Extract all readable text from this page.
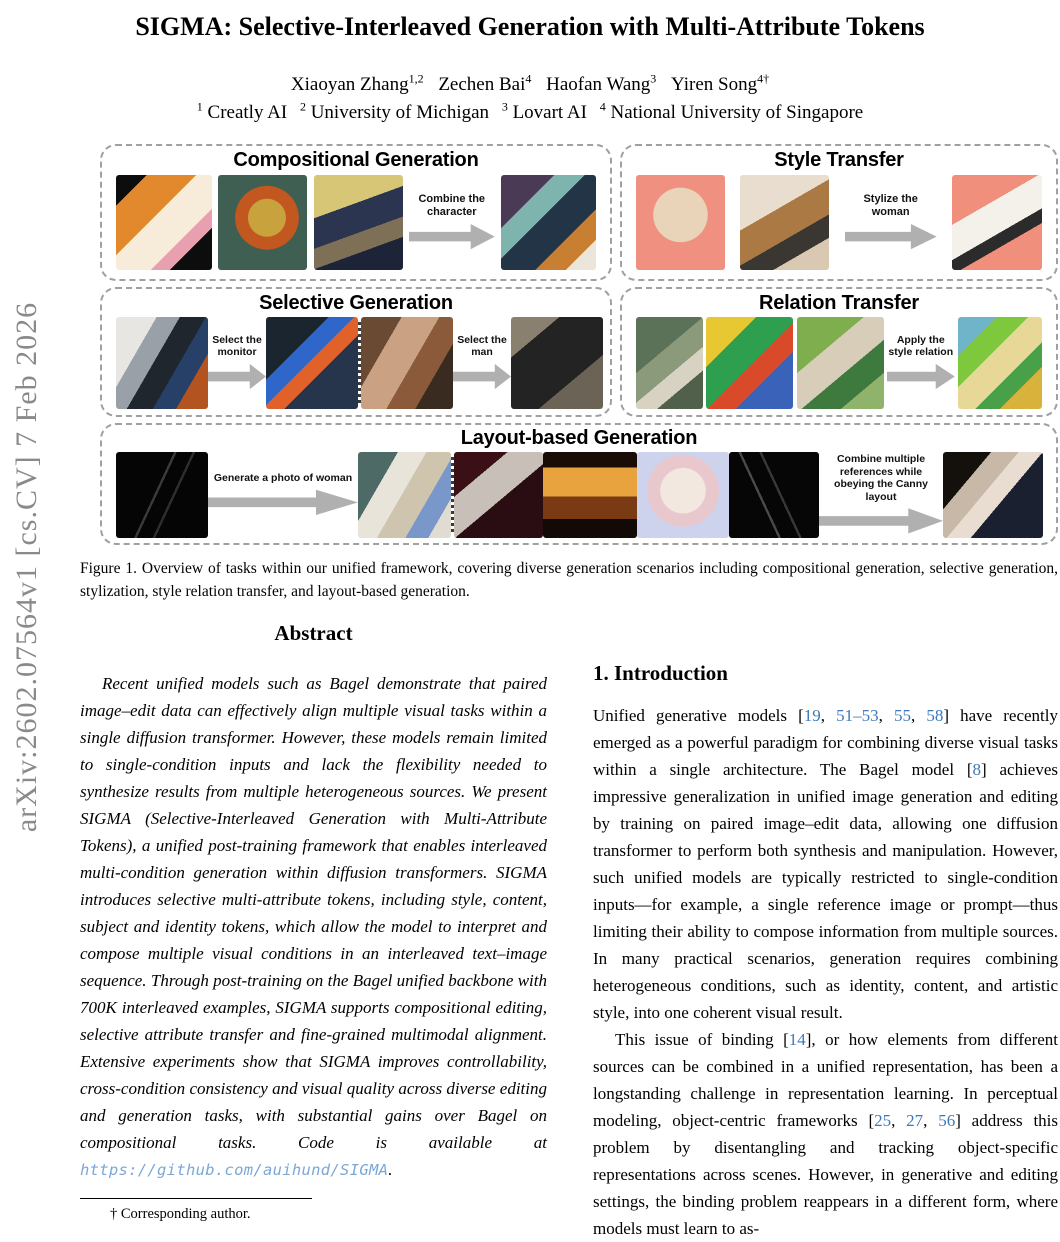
arXiv:2602.07564v1 [cs.CV] 7 Feb 2026
SIGMA: Selective-Interleaved Generation with Multi-Attribute Tokens
Xiaoyan Zhang$^{1,2}$ Zechen Bai$^4$ Haofan Wang$^3$ Yiren Song$^{4\dagger}$
$^1$ Creatly AI $^2$ University of Michigan $^3$ Lovart AI $^4$ National University of Singapore
Compositional Generation
Combine the character
Style Transfer
Stylize the woman
Selective Generation
Select the monitor
Select the man
Relation Transfer
Apply the style relation
Layout-based Generation
Generate a photo of woman
Combine multiple references while obeying the Canny layout
Figure 1. Overview of tasks within our unified framework, covering diverse generation scenarios including compositional generation, selective generation, stylization, style relation transfer, and layout-based generation.
Abstract

Recent unified models such as Bagel demonstrate that paired image–edit data can effectively align multiple visual tasks within a single diffusion transformer. However, these models remain limited to single-condition inputs and lack the flexibility needed to synthesize results from multiple heterogeneous sources. We present SIGMA (Selective-Interleaved Generation with Multi-Attribute Tokens), a unified post-training framework that enables interleaved multi-condition generation within diffusion transformers. SIGMA introduces selective multi-attribute tokens, including style, content, subject and identity tokens, which allow the model to interpret and compose multiple visual conditions in an interleaved text–image sequence. Through post-training on the Bagel unified backbone with 700K interleaved examples, SIGMA supports compositional editing, selective attribute transfer and fine-grained multimodal alignment. Extensive experiments show that SIGMA improves controllability, cross-condition consistency and visual quality across diverse editing and generation tasks, with substantial gains over Bagel on compositional tasks. Code is available at https://github.com/auihund/SIGMA.

† Corresponding author.
1. Introduction

Unified generative models [19, 51–53, 55, 58] have recently emerged as a powerful paradigm for combining diverse visual tasks within a single architecture. The Bagel model [8] achieves impressive generalization in unified image generation and editing by training on paired image–edit data, allowing one diffusion transformer to perform both synthesis and manipulation. However, such unified models are typically restricted to single-condition inputs—for example, a single reference image or prompt—thus limiting their ability to compose information from multiple sources. In many practical scenarios, generation requires combining heterogeneous conditions, such as identity, content, and artistic style, into one coherent visual result.

This issue of binding [14], or how elements from different sources can be combined in a unified representation, has been a longstanding challenge in representation learning. In perceptual modeling, object-centric frameworks [25, 27, 56] address this problem by disentangling and tracking object-specific representations across scenes. However, in generative and editing settings, the binding problem reappears in a different form, where models must learn to as-
